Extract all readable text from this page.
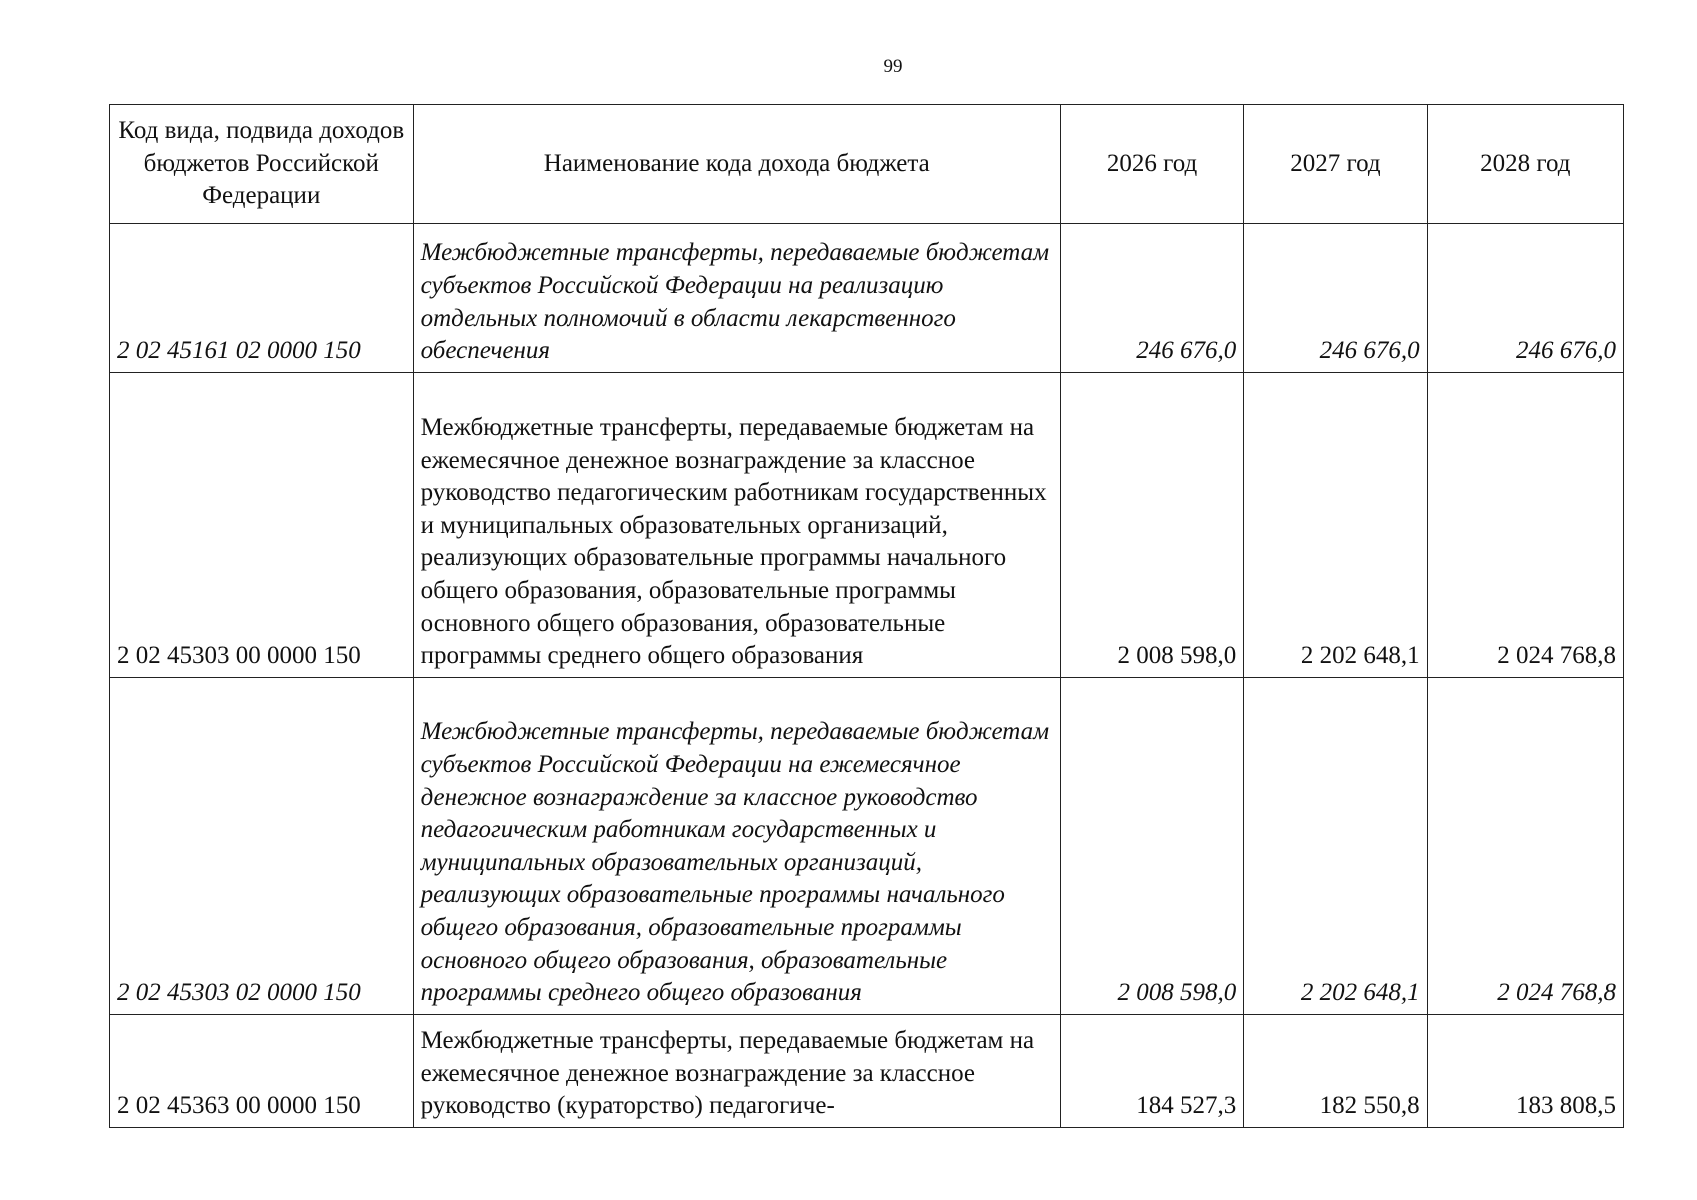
99
Код вида, подвида доходов бюджетов Российской Федерации	Наименование кода дохода бюджета	2026 год	2027 год	2028 год
2 02 45161 02 0000 150	Межбюджетные трансферты, передаваемые бюджетам субъектов Российской Федерации на реализацию отдельных полномочий в области лекарственного обеспечения	246 676,0	246 676,0	246 676,0
2 02 45303 00 0000 150	Межбюджетные трансферты, передаваемые бюджетам на ежемесячное денежное вознаграждение за классное руководство педагогическим работникам государственных и муниципальных образовательных организаций, реализующих образовательные программы начального общего образования, образовательные программы основного общего образования, образовательные программы среднего общего образования	2 008 598,0	2 202 648,1	2 024 768,8
2 02 45303 02 0000 150	Межбюджетные трансферты, передаваемые бюджетам субъектов Российской Федерации на ежемесячное денежное вознаграждение за классное руководство педагогическим работникам государственных и муниципальных образовательных организаций, реализующих образовательные программы начального общего образования, образовательные программы основного общего образования, образовательные программы среднего общего образования	2 008 598,0	2 202 648,1	2 024 768,8
2 02 45363 00 0000 150	Межбюджетные трансферты, передаваемые бюджетам на ежемесячное денежное вознаграждение за классное руководство (кураторство) педагогиче-	184 527,3	182 550,8	183 808,5
